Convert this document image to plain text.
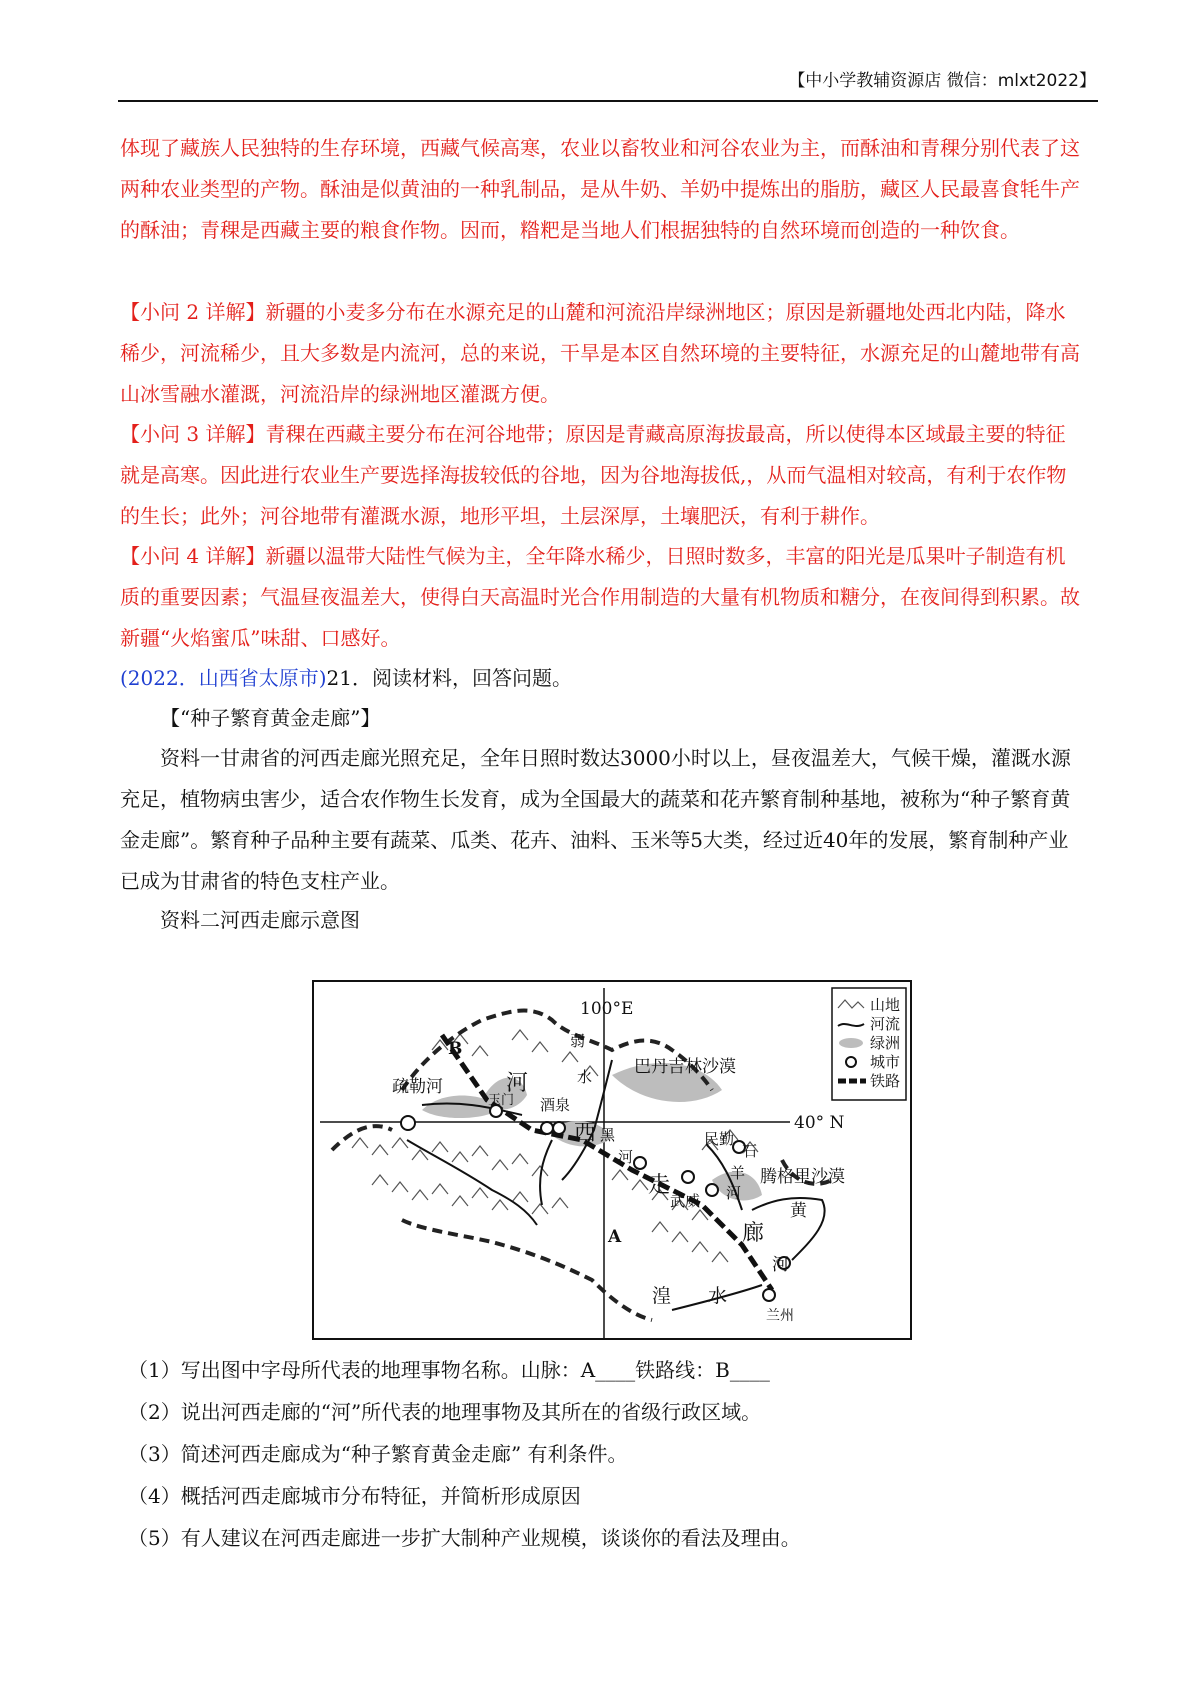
【中小学教辅资源店 微信：mlxt2022】

体现了藏族人民独特的生存环境，西藏气候高寒，农业以畜牧业和河谷农业为主，而酥油和青稞分别代表了这两种农业类型的产物。酥油是似黄油的一种乳制品，是从牛奶、羊奶中提炼出的脂肪，藏区人民最喜食牦牛产的酥油；青稞是西藏主要的粮食作物。因而，糌粑是当地人们根据独特的自然环境而创造的一种饮食。

【小问 2 详解】新疆的小麦多分布在水源充足的山麓和河流沿岸绿洲地区；原因是新疆地处西北内陆，降水稀少，河流稀少，且大多数是内流河，总的来说，干旱是本区自然环境的主要特征，水源充足的山麓地带有高山冰雪融水灌溉，河流沿岸的绿洲地区灌溉方便。

【小问 3 详解】青稞在西藏主要分布在河谷地带；原因是青藏高原海拔最高，所以使得本区域最主要的特征就是高寒。因此进行农业生产要选择海拔较低的谷地，因为谷地海拔低,，从而气温相对较高，有利于农作物的生长；此外；河谷地带有灌溉水源，地形平坦，土层深厚，土壤肥沃，有利于耕作。

【小问 4 详解】新疆以温带大陆性气候为主，全年降水稀少，日照时数多，丰富的阳光是瓜果叶子制造有机质的重要因素；气温昼夜温差大，使得白天高温时光合作用制造的大量有机物质和糖分，在夜间得到积累。故新疆“火焰蜜瓜”味甜、口感好。

(2022．山西省太原市)21．阅读材料，回答问题。

【“种子繁育黄金走廊”】

资料一甘肃省的河西走廊光照充足，全年日照时数达3000小时以上，昼夜温差大，气候干燥，灌溉水源充足，植物病虫害少，适合农作物生长发育，成为全国最大的蔬菜和花卉繁育制种基地，被称为“种子繁育黄金走廊”。繁育种子品种主要有蔬菜、瓜类、花卉、油料、玉米等5大类，经过近40年的发展，繁育制种产业已成为甘肃省的特色支柱产业。

资料二河西走廊示意图

100°E
40° N
B
A
疏勒河	河
玉门 酒泉
西
弱
水 巴丹吉林沙漠
黑
河
走
民勤
石
羊
河
腾格里沙漠
武威
廊
黄
河
湟 水
兰州
山地
河流
绿洲
城市
铁路
（1）写出图中字母所代表的地理事物名称。山脉：A____铁路线：B____
（2）说出河西走廊的“河”所代表的地理事物及其所在的省级行政区域。
（3）简述河西走廊成为“种子繁育黄金走廊” 有利条件。
（4）概括河西走廊城市分布特征，并简析形成原因
（5）有人建议在河西走廊进一步扩大制种产业规模，谈谈你的看法及理由。
